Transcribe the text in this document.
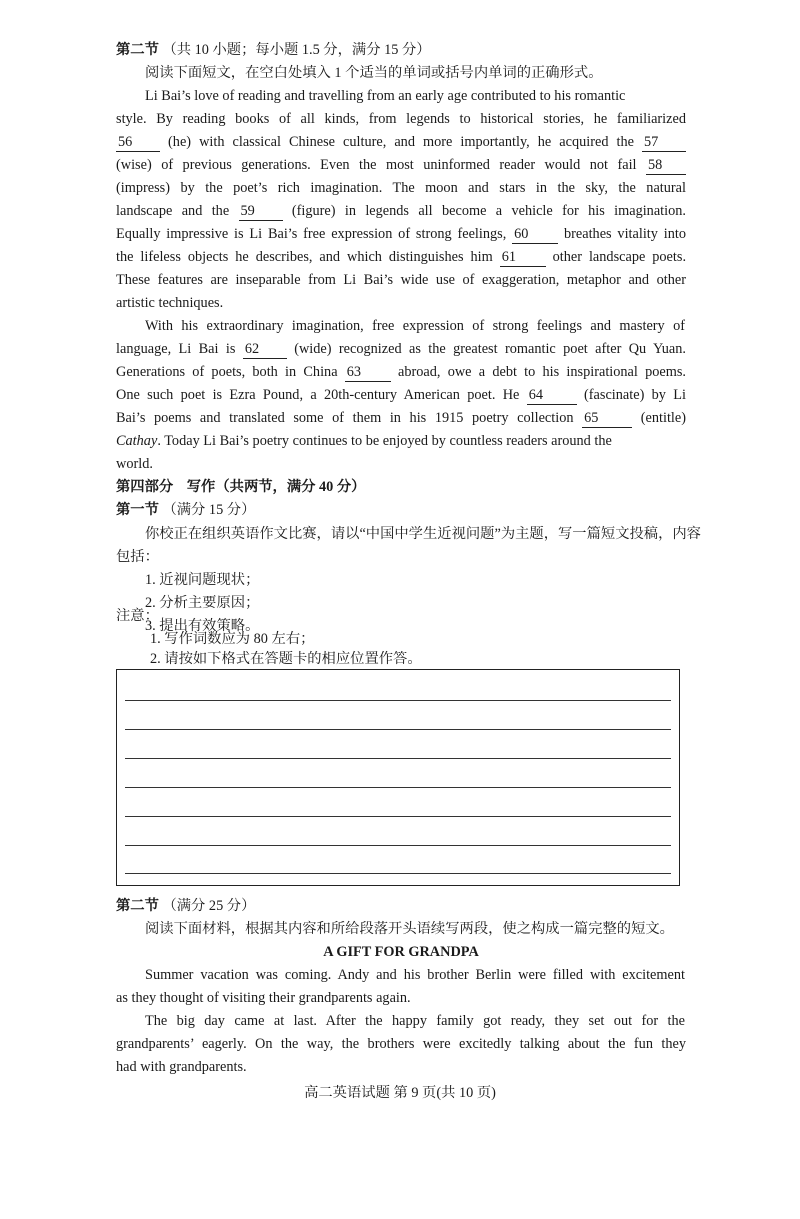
第二节 （共 10 小题；每小题 1.5 分，满分 15 分）
阅读下面短文，在空白处填入 1 个适当的单词或括号内单词的正确形式。
Li Bai’s love of reading and travelling from an early age contributed to his romantic
style. By reading books of all kinds, from legends to historical stories, he familiarized
56 (he) with classical Chinese culture, and more importantly, he acquired the 57
(wise) of previous generations. Even the most uninformed reader would not fail 58
(impress) by the poet’s rich imagination. The moon and stars in the sky, the natural
landscape and the 59	(figure) in legends all become a vehicle for his imagination.
Equally impressive is Li Bai’s free expression of strong feelings, 60 breathes vitality into
the lifeless objects he describes, and which distinguishes him 61	other landscape poets.
These features are inseparable from Li Bai’s wide use of exaggeration, metaphor and other
artistic techniques.
With his extraordinary imagination, free expression of strong feelings and mastery of
language, Li Bai is 62 (wide) recognized as the greatest romantic poet after Qu Yuan.
Generations of poets, both in China 63	abroad, owe a debt to his inspirational poems.
One such poet is Ezra Pound, a 20th-century American poet. He 64	(fascinate) by Li
Bai’s poems and translated some of them in his 1915 poetry collection 65	(entitle)
Cathay. Today Li Bai’s poetry continues to be enjoyed by countless readers around the
world.
第四部分 写作（共两节，满分 40 分）
第一节 （满分 15 分）
你校正在组织英语作文比赛，请以“中国中学生近视问题”为主题，写一篇短文投稿，内容
包括：
1. 近视问题现状；
2. 分析主要原因；
3. 提出有效策略。
注意：
1. 写作词数应为 80 左右；
2. 请按如下格式在答题卡的相应位置作答。
第二节 （满分 25 分）
阅读下面材料，根据其内容和所给段落开头语续写两段，使之构成一篇完整的短文。
A GIFT FOR GRANDPA
Summer vacation was coming. Andy and his brother Berlin were filled with excitement
as they thought of visiting their grandparents again.
The big day came at last. After the happy family got ready, they set out for the
grandparents’ eagerly. On the way, the brothers were excitedly talking about the fun they
had with grandparents.
高二英语试题 第 9 页(共 10 页)
